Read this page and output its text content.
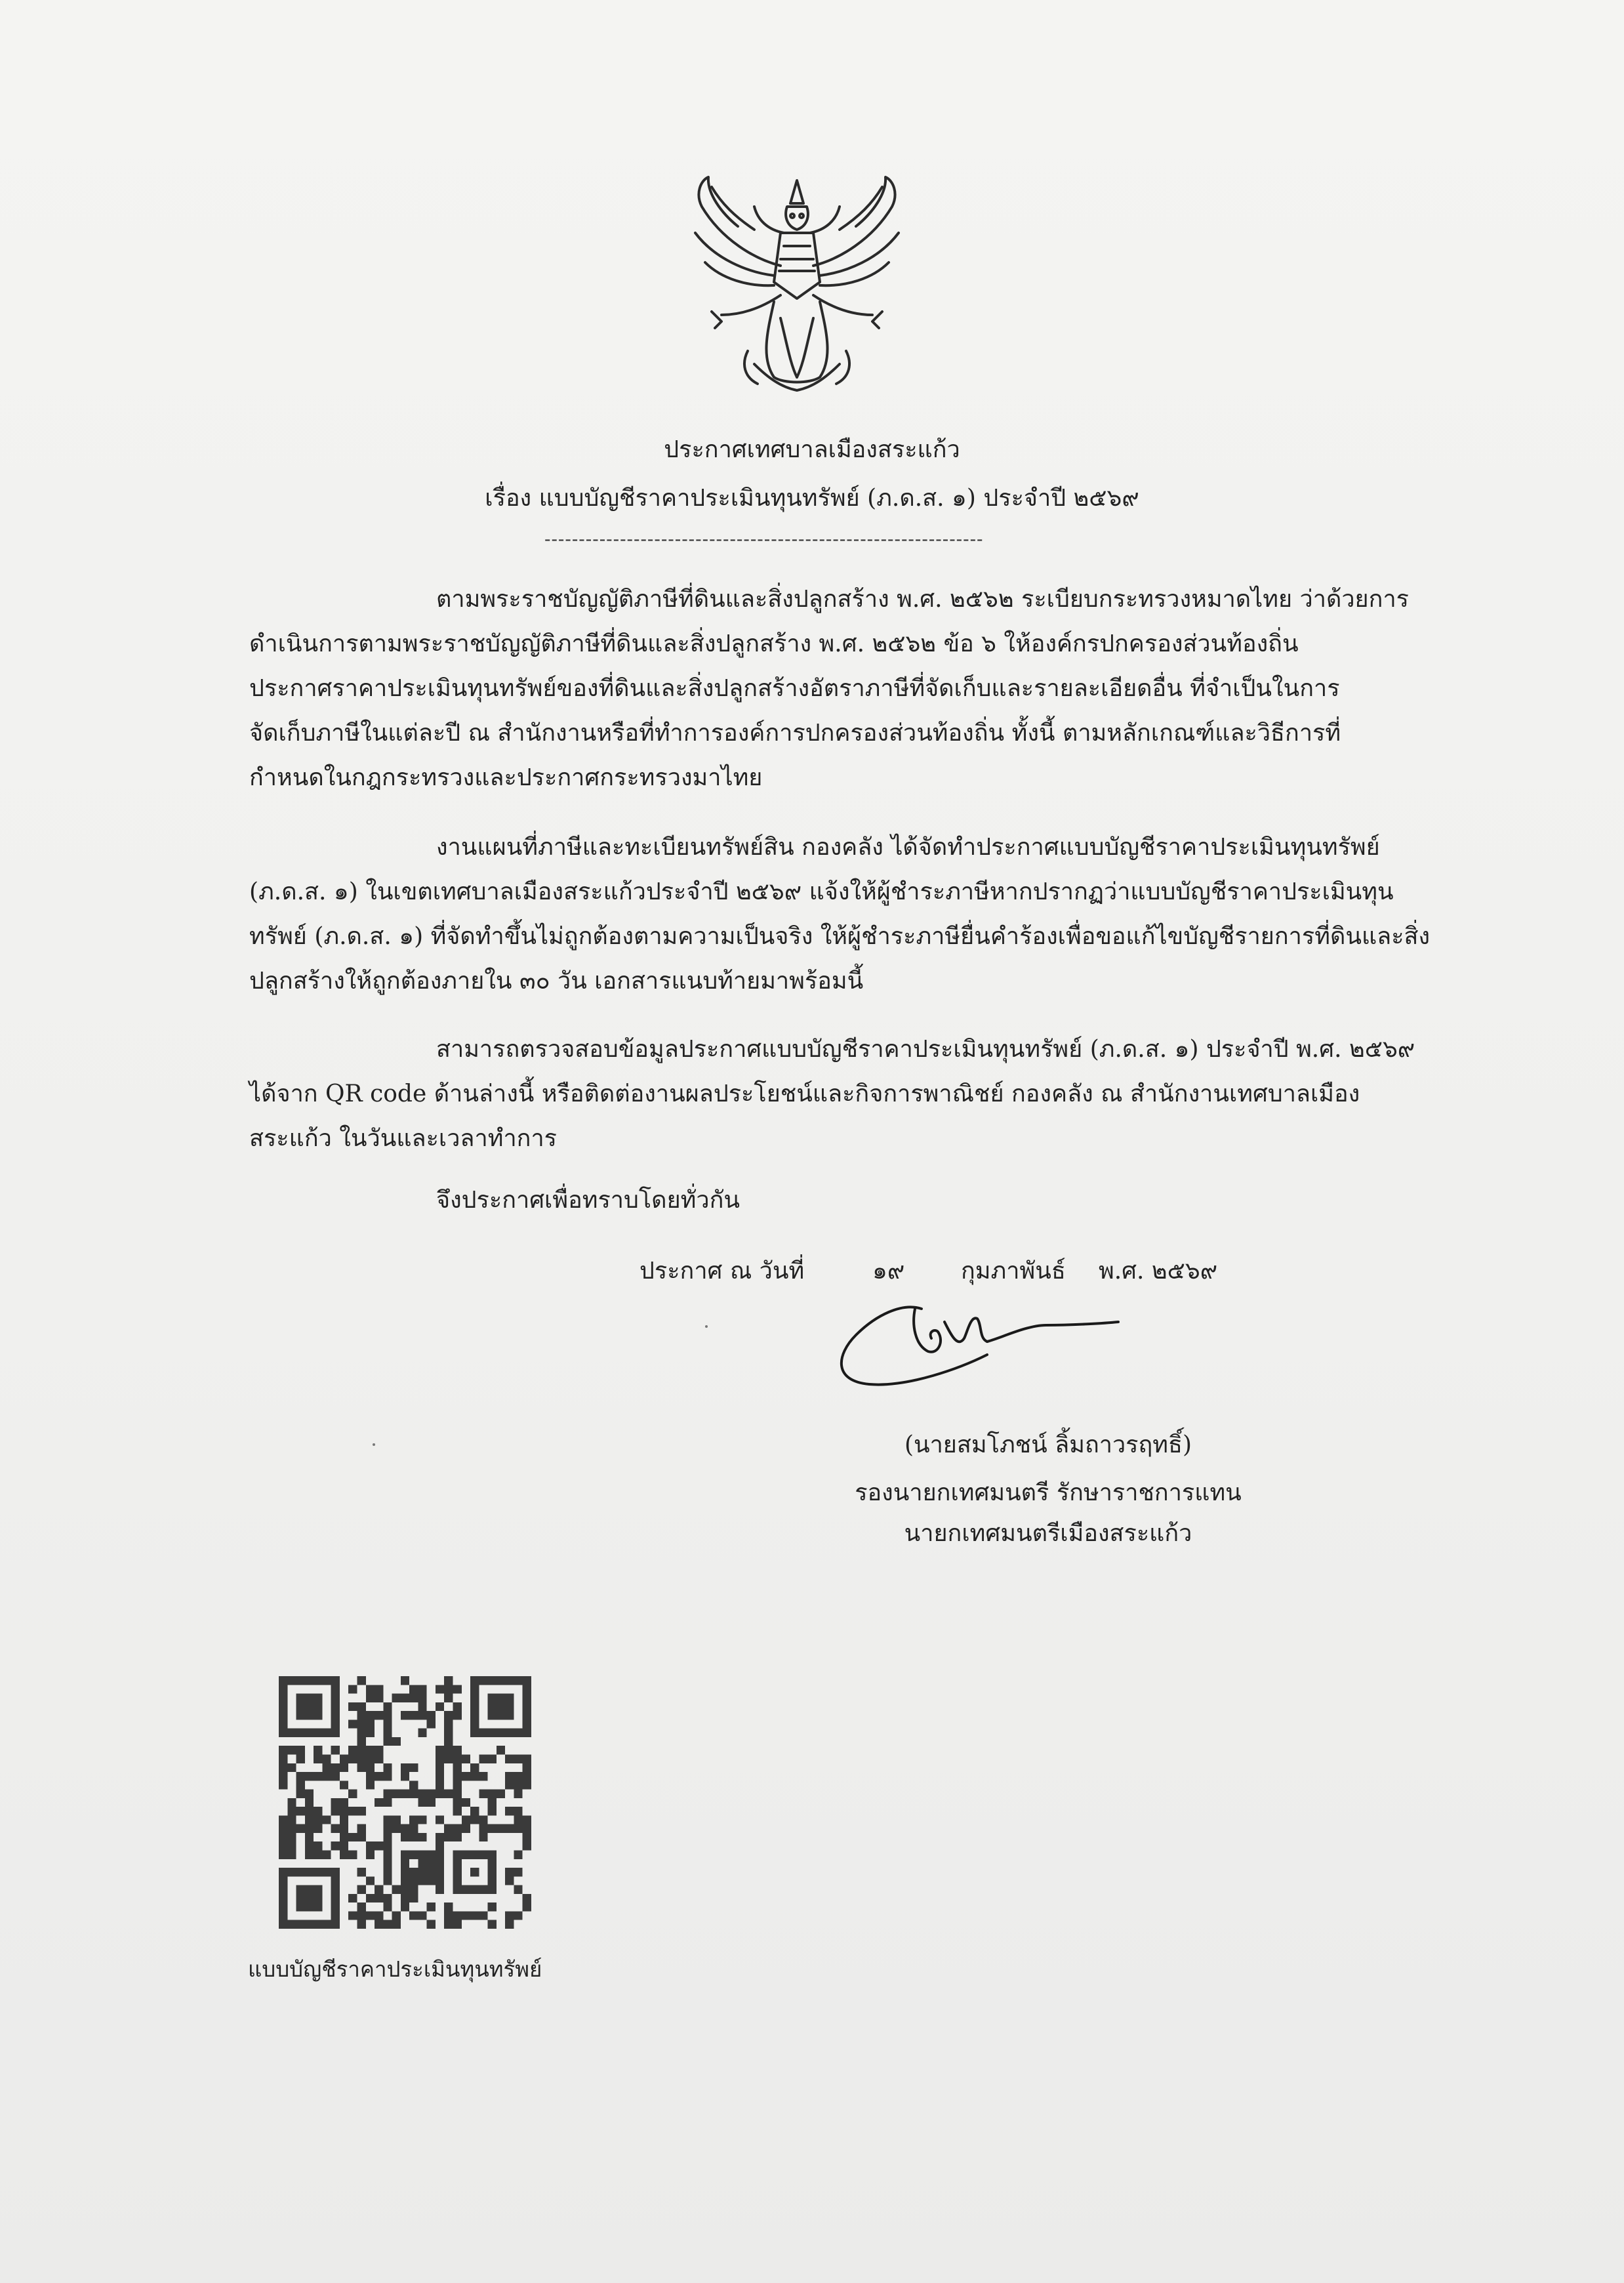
ประกาศเทศบาลเมืองสระแก้ว
เรื่อง แบบบัญชีราคาประเมินทุนทรัพย์ (ภ.ด.ส. ๑) ประจำปี ๒๕๖๙
----------------------------------------------------------------
ตามพระราชบัญญัติภาษีที่ดินและสิ่งปลูกสร้าง พ.ศ. ๒๕๖๒ ระเบียบกระทรวงหมาดไทย ว่าด้วยการ
ดำเนินการตามพระราชบัญญัติภาษีที่ดินและสิ่งปลูกสร้าง พ.ศ. ๒๕๖๒ ข้อ ๖ ให้องค์กรปกครองส่วนท้องถิ่น
ประกาศราคาประเมินทุนทรัพย์ของที่ดินและสิ่งปลูกสร้างอัตราภาษีที่จัดเก็บและรายละเอียดอื่น ที่จำเป็นในการ
จัดเก็บภาษีในแต่ละปี ณ สำนักงานหรือที่ทำการองค์การปกครองส่วนท้องถิ่น ทั้งนี้ ตามหลักเกณฑ์และวิธีการที่
กำหนดในกฎกระทรวงและประกาศกระทรวงมาไทย
งานแผนที่ภาษีและทะเบียนทรัพย์สิน กองคลัง ได้จัดทำประกาศแบบบัญชีราคาประเมินทุนทรัพย์
(ภ.ด.ส. ๑) ในเขตเทศบาลเมืองสระแก้วประจำปี ๒๕๖๙ แจ้งให้ผู้ชำระภาษีหากปรากฏว่าแบบบัญชีราคาประเมินทุน
ทรัพย์ (ภ.ด.ส. ๑) ที่จัดทำขึ้นไม่ถูกต้องตามความเป็นจริง ให้ผู้ชำระภาษียื่นคำร้องเพื่อขอแก้ไขบัญชีรายการที่ดินและสิ่ง
ปลูกสร้างให้ถูกต้องภายใน ๓๐ วัน เอกสารแนบท้ายมาพร้อมนี้
สามารถตรวจสอบข้อมูลประกาศแบบบัญชีราคาประเมินทุนทรัพย์ (ภ.ด.ส. ๑) ประจำปี พ.ศ. ๒๕๖๙
ได้จาก QR code ด้านล่างนี้ หรือติดต่องานผลประโยชน์และกิจการพาณิชย์ กองคลัง ณ สำนักงานเทศบาลเมือง
สระแก้ว ในวันและเวลาทำการ
จึงประกาศเพื่อทราบโดยทั่วกัน
ประกาศ ณ วันที่	๑๙ กุมภาพันธ์ พ.ศ. ๒๕๖๙
(นายสมโภชน์ ลิ้มถาวรฤทธิ์)
รองนายกเทศมนตรี รักษาราชการแทน
นายกเทศมนตรีเมืองสระแก้ว
แบบบัญชีราคาประเมินทุนทรัพย์
